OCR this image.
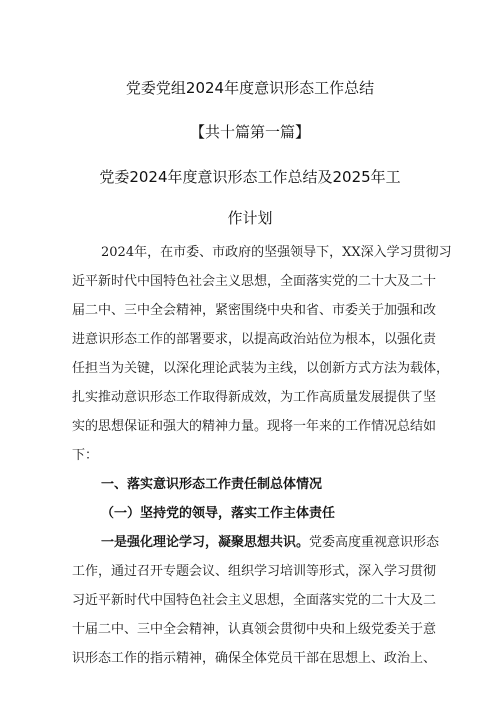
党委党组2024年度意识形态工作总结
【共十篇第一篇】
党委2024年度意识形态工作总结及2025年工
作计划
2024年，在市委、市政府的坚强领导下，XX深入学习贯彻习
近平新时代中国特色社会主义思想，全面落实党的二十大及二十
届二中、三中全会精神，紧密围绕中央和省、市委关于加强和改
进意识形态工作的部署要求，以提高政治站位为根本，以强化责
任担当为关键，以深化理论武装为主线，以创新方式方法为载体，
扎实推动意识形态工作取得新成效，为工作高质量发展提供了坚
实的思想保证和强大的精神力量。现将一年来的工作情况总结如
下：
一、落实意识形态工作责任制总体情况
（一）坚持党的领导，落实工作主体责任
一是强化理论学习，凝聚思想共识。党委高度重视意识形态
工作，通过召开专题会议、组织学习培训等形式，深入学习贯彻
习近平新时代中国特色社会主义思想，全面落实党的二十大及二
十届二中、三中全会精神，认真领会贯彻中央和上级党委关于意
识形态工作的指示精神，确保全体党员干部在思想上、政治上、
